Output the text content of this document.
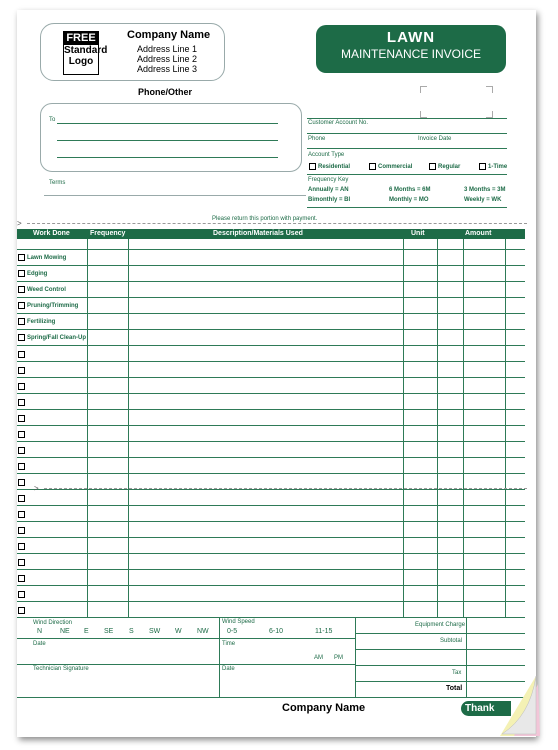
FREE
Standard
Logo
Company Name
Address Line 1
Address Line 2
Address Line 3
LAWN
MAINTENANCE INVOICE
Phone/Other
To
Terms
Customer Account No.
Phone	Invoice Date
Account Type
Residential	Commercial	Regular	1-Time
Frequency Key
Annually = AN	6 Months = 6M	3 Months = 3M
Bimonthly = BI	Monthly = MO	Weekly = WK
>	Please return this portion with payment.
Work Done	Frequency	Description/Materials Used	Unit	Amount
>
Lawn Mowing
Edging
Weed Control
Pruning/Trimming
Fertilizing
Spring/Fall Clean-Up
Wind Direction
N	NE E SE S SW W NW
Wind Speed
0-5	6-10	11-15
Date	Time
AM PM
Technician Signature	Date
Equipment Charge
Subtotal
Tax
Total
Company Name	Thank
